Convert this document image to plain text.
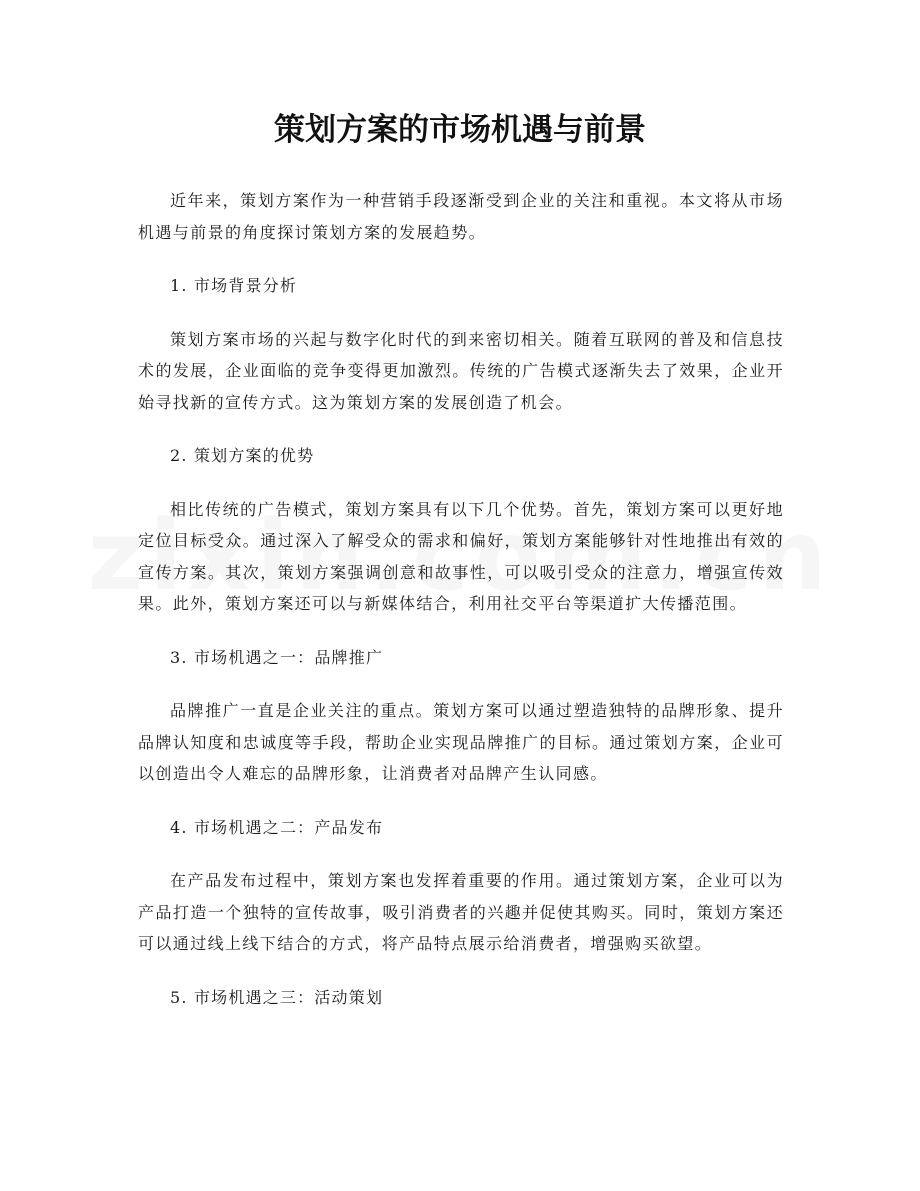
策划方案的市场机遇与前景

近年来，策划方案作为一种营销手段逐渐受到企业的关注和重视。本文将从市场机遇与前景的角度探讨策划方案的发展趋势。

1. 市场背景分析

策划方案市场的兴起与数字化时代的到来密切相关。随着互联网的普及和信息技术的发展，企业面临的竞争变得更加激烈。传统的广告模式逐渐失去了效果，企业开始寻找新的宣传方式。这为策划方案的发展创造了机会。

2. 策划方案的优势

相比传统的广告模式，策划方案具有以下几个优势。首先，策划方案可以更好地定位目标受众。通过深入了解受众的需求和偏好，策划方案能够针对性地推出有效的宣传方案。其次，策划方案强调创意和故事性，可以吸引受众的注意力，增强宣传效果。此外，策划方案还可以与新媒体结合，利用社交平台等渠道扩大传播范围。

3. 市场机遇之一：品牌推广

品牌推广一直是企业关注的重点。策划方案可以通过塑造独特的品牌形象、提升品牌认知度和忠诚度等手段，帮助企业实现品牌推广的目标。通过策划方案，企业可以创造出令人难忘的品牌形象，让消费者对品牌产生认同感。

4. 市场机遇之二：产品发布

在产品发布过程中，策划方案也发挥着重要的作用。通过策划方案，企业可以为产品打造一个独特的宣传故事，吸引消费者的兴趣并促使其购买。同时，策划方案还可以通过线上线下结合的方式，将产品特点展示给消费者，增强购买欲望。

5. 市场机遇之三：活动策划
